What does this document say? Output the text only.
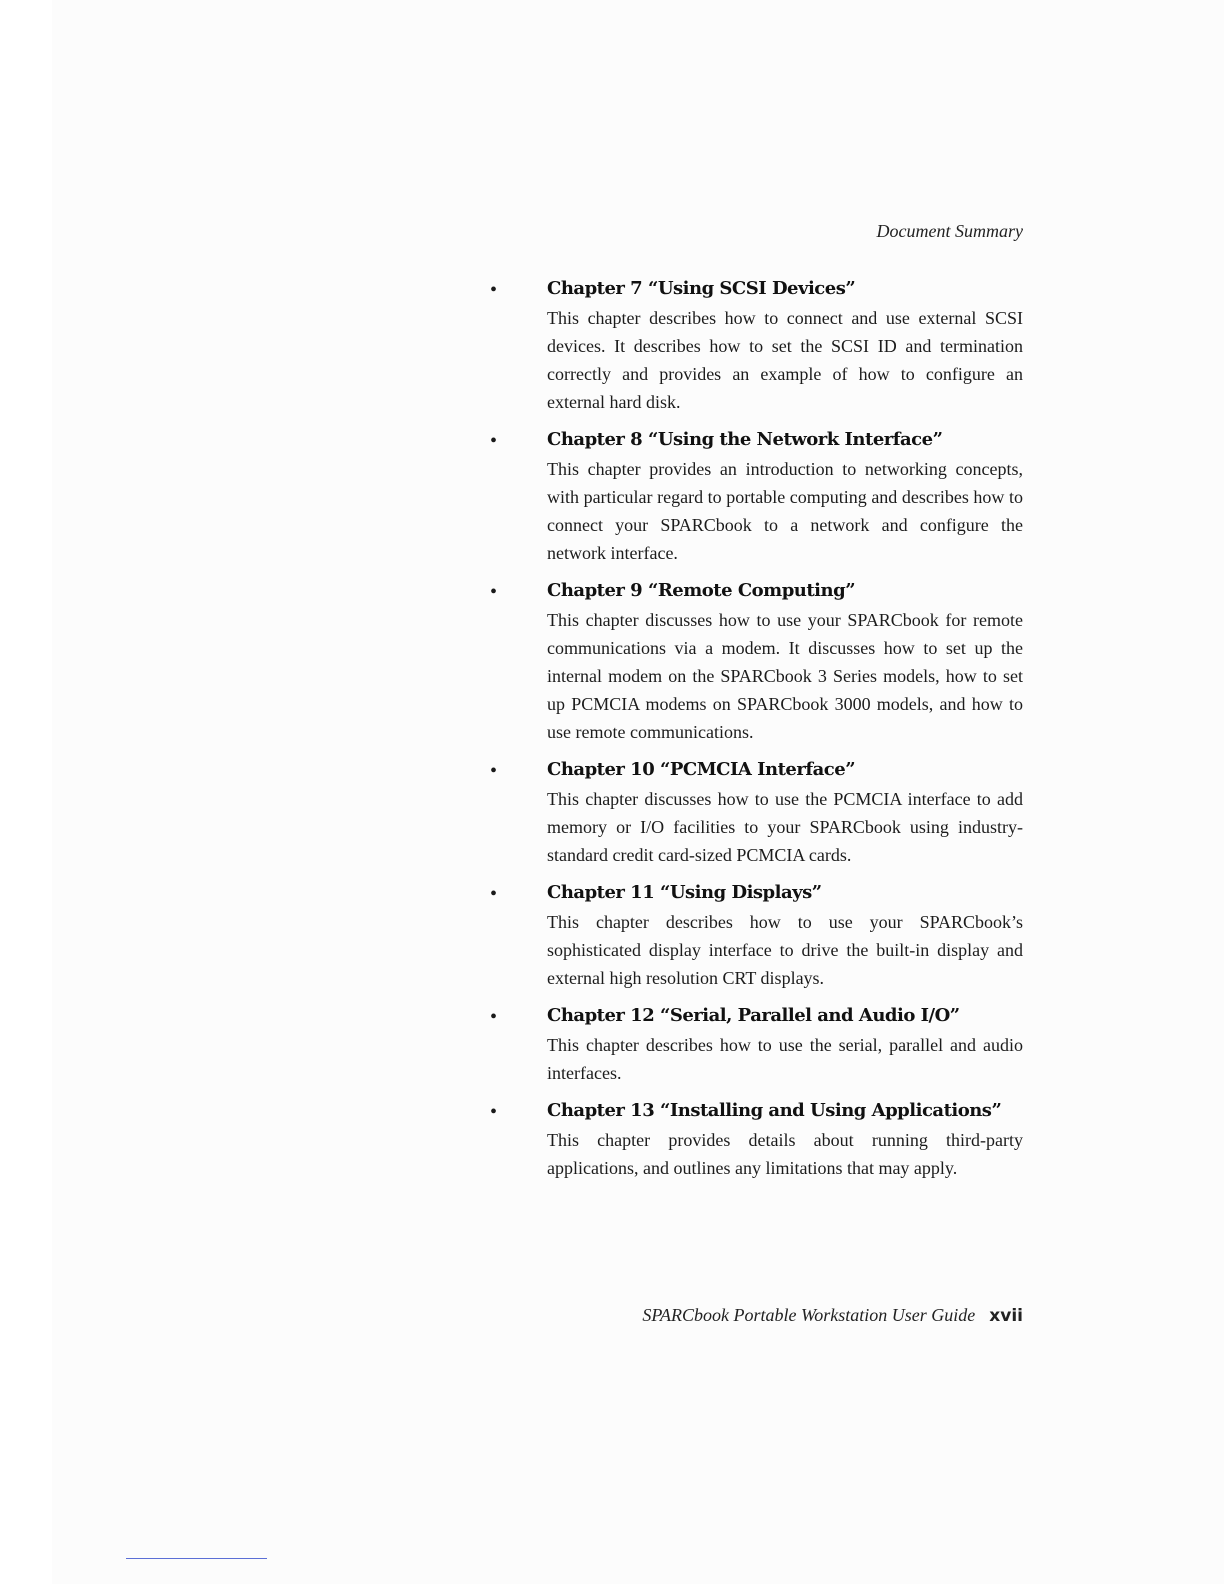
Document Summary
•	Chapter 7 “Using SCSI Devices”

This chapter describes how to connect and use external SCSI devices. It describes how to set the SCSI ID and termination correctly and provides an example of how to configure an external hard disk.

•	Chapter 8 “Using the Network Interface”

This chapter provides an introduction to networking concepts, with particular regard to portable computing and describes how to connect your SPARCbook to a network and configure the network interface.

•	Chapter 9 “Remote Computing”

This chapter discusses how to use your SPARCbook for remote communications via a modem. It discusses how to set up the internal modem on the SPARCbook 3 Series models, how to set up PCMCIA modems on SPARCbook 3000 models, and how to use remote communications.

•	Chapter 10 “PCMCIA Interface”

This chapter discusses how to use the PCMCIA interface to add memory or I/O facilities to your SPARCbook using industry-standard credit card-sized PCMCIA cards.

•	Chapter 11 “Using Displays”

This chapter describes how to use your SPARCbook’s sophisticated display interface to drive the built-in display and external high resolution CRT displays.

•	Chapter 12 “Serial, Parallel and Audio I/O”

This chapter describes how to use the serial, parallel and audio interfaces.

•	Chapter 13 “Installing and Using Applications”

This chapter provides details about running third-party applications, and outlines any limitations that may apply.

SPARCbook Portable Workstation User Guide xvii
